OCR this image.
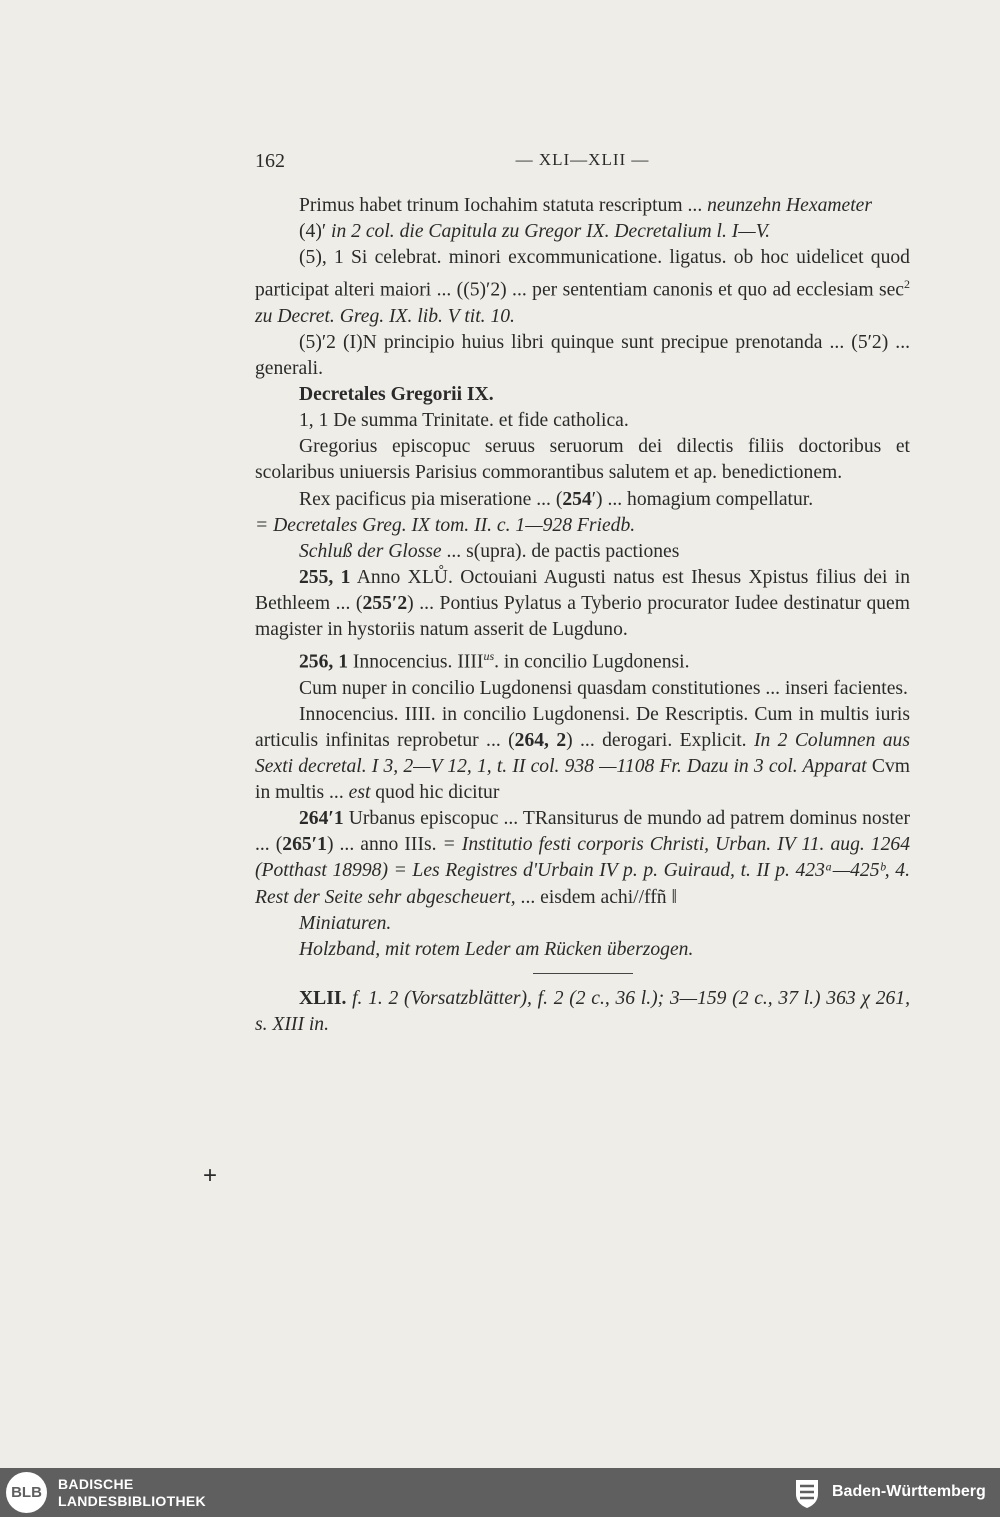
162	— XLI—XLII —

Primus habet trinum Iochahim statuta rescriptum ... neunzehn Hexameter

(4)′ in 2 col. die Capitula zu Gregor IX. Decretalium l. I—V.

(5), 1 Si celebrat. minori excommunicatione. ligatus. ob hoc uidelicet quod participat alteri maiori ... ((5)′2) ... per sententiam canonis et quo ad ecclesiam $\sec^2$ zu Decret. Greg. IX. lib. V tit. 10.

(5)′2 (I)N principio huius libri quinque sunt precipue prenotanda ... (5′2) ... generali.

Decretales Gregorii IX.

1, 1 De summa Trinitate. et fide catholica.

Gregorius episcopuc seruus seruorum dei dilectis filiis doctoribus et scolaribus uniuersis Parisius commorantibus salutem et ap. benedictionem.

Rex pacificus pia miseratione ... (254′) ... homagium compellatur.

= Decretales Greg. IX tom. II. c. 1—928 Friedb.

Schluß der Glosse ... s(upra). de pactis pactiones

255, 1 Anno XLŮ. Octouiani Augusti natus est Ihesus Χpistus filius dei in Bethleem ... (255′2) ... Pontius Pylatus a Tyberio procurator Iudee destinatur quem magister in hystoriis natum asserit de Lugduno.

256, 1 Innocencius. $IIII^{us}$. in concilio Lugdonensi.

Cum nuper in concilio Lugdonensi quasdam constitutiones ... inseri facientes.

Innocencius. IIII. in concilio Lugdonensi. De Rescriptis. Cum in multis iuris articulis infinitas reprobetur ... (264, 2) ... derogari. Explicit. In 2 Columnen aus Sexti decretal. I 3, 2—V 12, 1, t. II col. 938 —1108 Fr. Dazu in 3 col. Apparat Cvm in multis ... est quod hic dicitur

264′1 Urbanus episcopuc ... TRansiturus de mundo ad patrem dominus noster ... (265′1) ... anno IIIs. = Institutio festi corporis Christi, Urban. IV 11. aug. 1264 (Potthast 18998) = Les Registres d'Urbain IV p. p. Guiraud, t. II p. 423ᵃ—425ᵇ, 4. Rest der Seite sehr abgescheuert, ... eisdem achi//ffñ ‖

Miniaturen.

Holzband, mit rotem Leder am Rücken überzogen.

XLII. f. 1. 2 (Vorsatzblätter), f. 2 (2 c., 36 l.); 3—159 (2 c., 37 l.) 363 χ 261, s. XIII in.

+
BLB	BADISCHE
LANDESBIBLIOTHEK
Baden-Württemberg
